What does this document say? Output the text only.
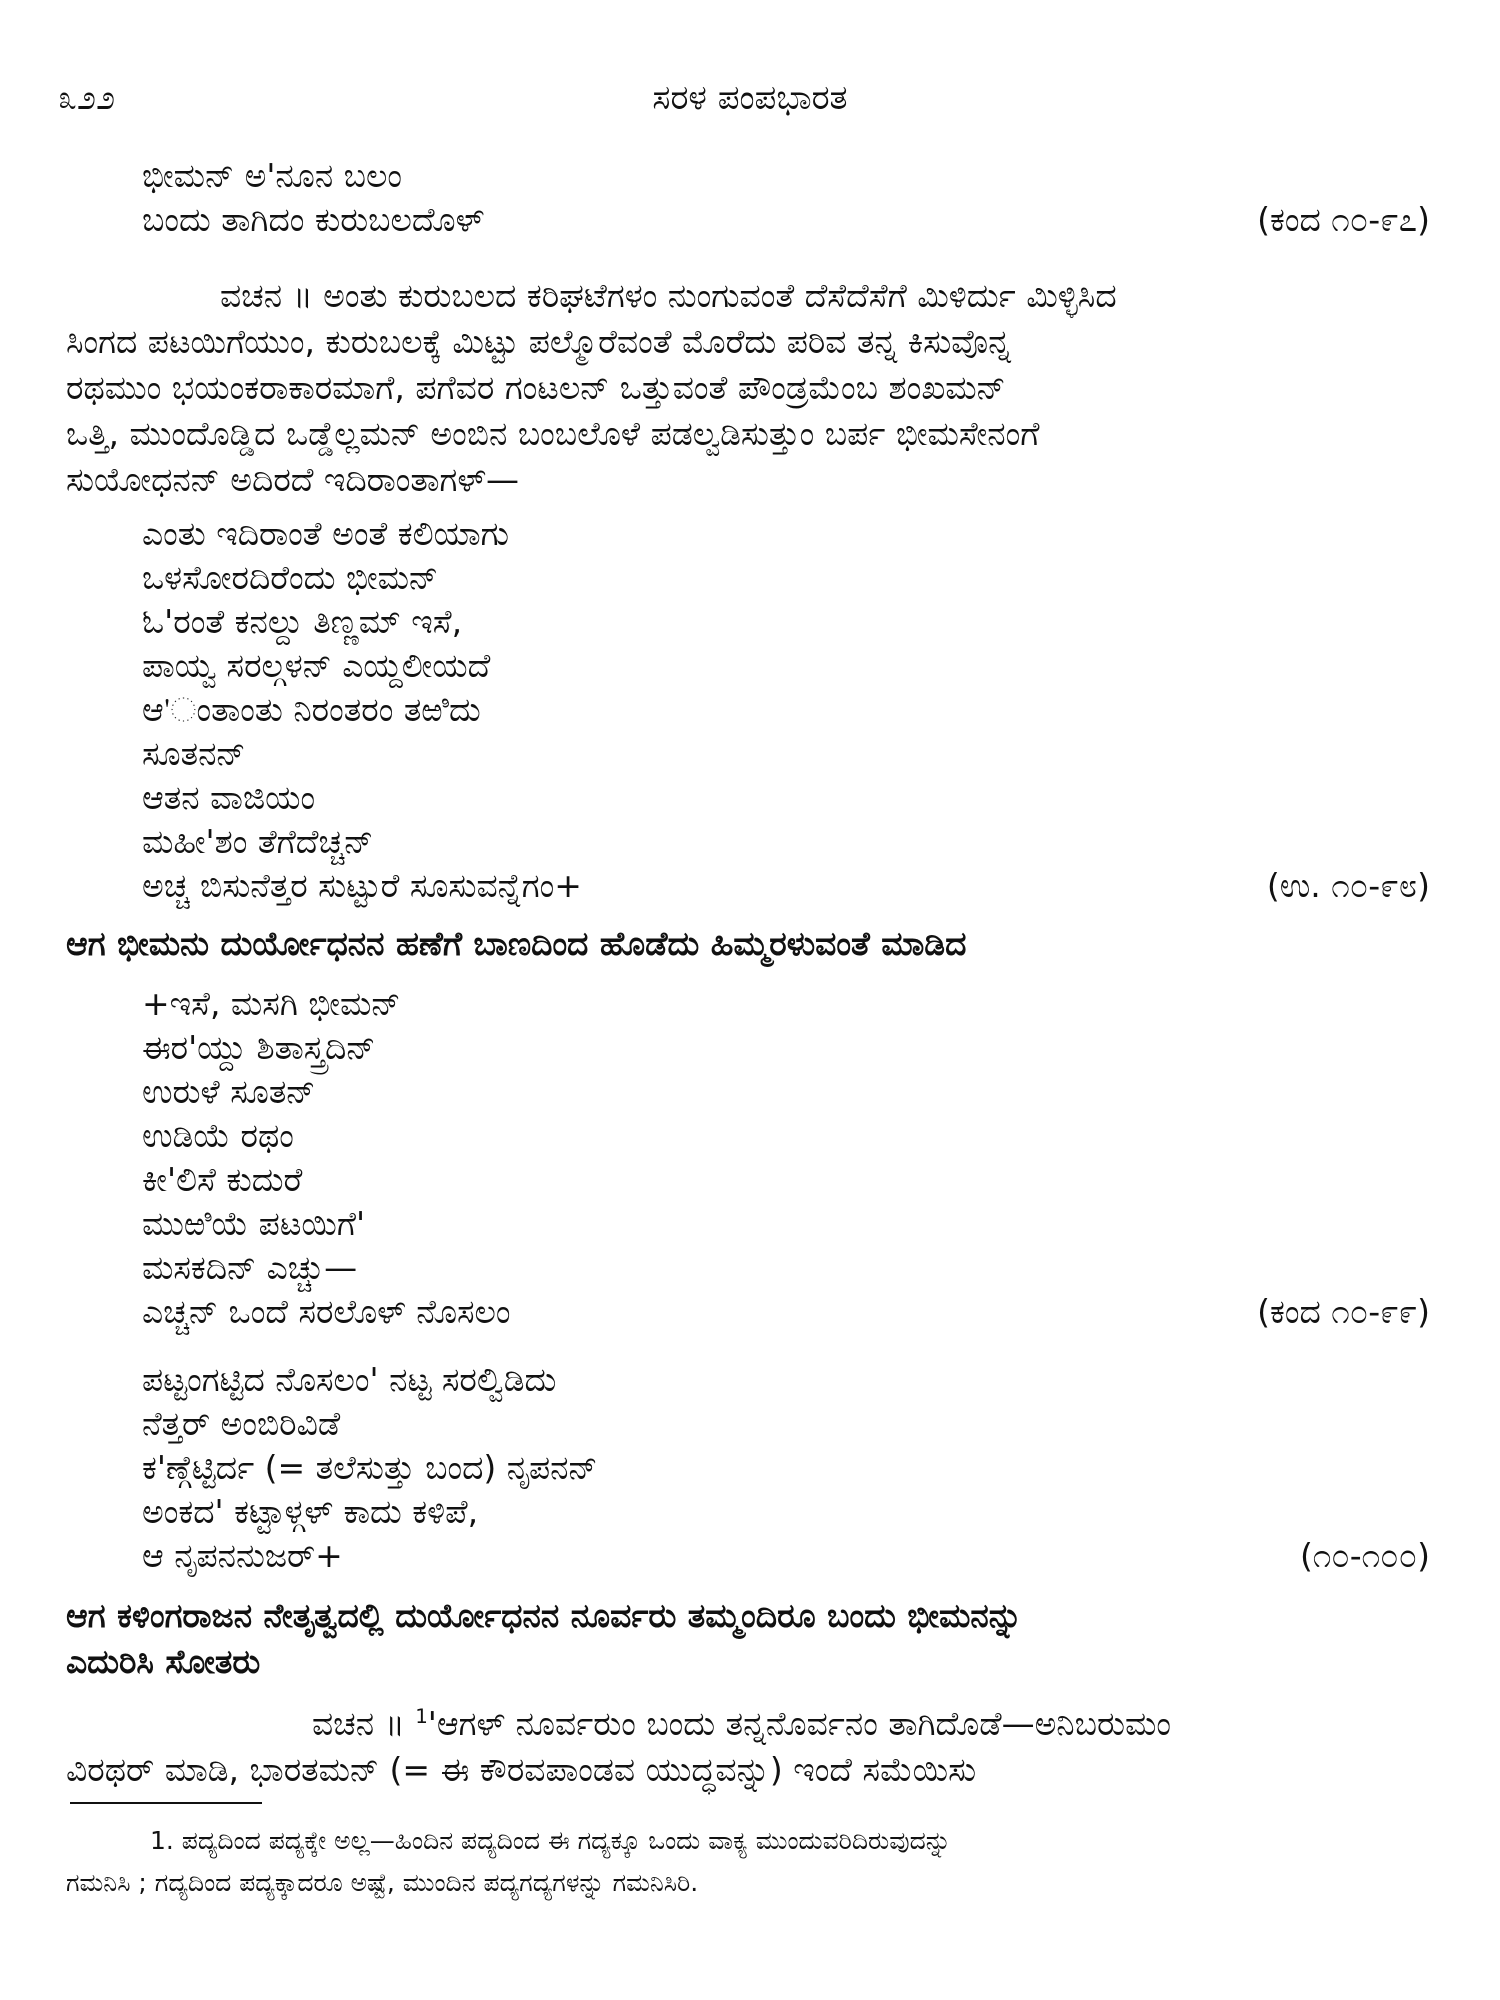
೩೨೨	ಸರಳ ಪಂಪಭಾರತ
ಭೀಮನ್ ಅ'ನೂನ ಬಲಂ
ಬಂದು ತಾಗಿದಂ ಕುರುಬಲದೊಳ್	(ಕಂದ ೧೦-೯೭)
ವಚನ ॥ ಅಂತು ಕುರುಬಲದ ಕರಿಘಟೆಗಳಂ ನುಂಗುವಂತೆ ದೆಸೆದೆಸೆಗೆ ಮಿಳಿರ್ದು ಮಿಳ್ಳಿಸಿದ
ಸಿಂಗದ ಪಟಯಿಗೆಯುಂ, ಕುರುಬಲಕ್ಕೆ ಮಿಟ್ಟು ಪಲ್ಮೊರೆವಂತೆ ಮೊರೆದು ಪರಿವ ತನ್ನ ಕಿಸುವೊನ್ನ
ರಥಮುಂ ಭಯಂಕರಾಕಾರಮಾಗೆ, ಪಗೆವರ ಗಂಟಲನ್ ಒತ್ತುವಂತೆ ಪೌಂಡ್ರಮೆಂಬ ಶಂಖಮನ್
ಒತ್ತಿ, ಮುಂದೊಡ್ಡಿದ ಒಡ್ಡೆಲ್ಲಮನ್ ಅಂಬಿನ ಬಂಬಲೊಳೆ ಪಡಲ್ವಡಿಸುತ್ತುಂ ಬರ್ಪ ಭೀಮಸೇನಂಗೆ
ಸುಯೋಧನನ್ ಅದಿರದೆ ಇದಿರಾಂತಾಗಳ್—
ಎಂತು ಇದಿರಾಂತೆ ಅಂತೆ ಕಲಿಯಾಗು
ಒಳಸೋರದಿರೆಂದು ಭೀಮನ್
ಓ'ರಂತೆ ಕನಲ್ದು ತಿಣ್ಣಮ್ ಇಸೆ,
ಪಾಯ್ವ ಸರಲ್ಗಳನ್ ಎಯ್ದಲೀಯದೆ
ಆ'ಂತಾಂತು ನಿರಂತರಂ ತಱಿದು
ಸೂತನನ್
ಆತನ ವಾಜಿಯಂ
ಮಹೀ'ಶಂ ತೆಗೆದೆಚ್ಚನ್
ಅಚ್ಚ ಬಿಸುನೆತ್ತರ ಸುಟ್ಟುರೆ ಸೂಸುವನ್ನೆಗಂ+	(ಉ. ೧೦-೯೮)
ಆಗ ಭೀಮನು ದುರ್ಯೋಧನನ ಹಣೆಗೆ ಬಾಣದಿಂದ ಹೊಡೆದು ಹಿಮ್ಮರಳುವಂತೆ ಮಾಡಿದ
+ಇಸೆ, ಮಸಗಿ ಭೀಮನ್
ಈರ'ಯ್ದು ಶಿತಾಸ್ತ್ರದಿನ್
ಉರುಳೆ ಸೂತನ್
ಉಡಿಯೆ ರಥಂ
ಕೀ'ಲಿಸೆ ಕುದುರೆ
ಮುಱಿಯೆ ಪಟಯಿಗೆ'
ಮಸಕದಿನ್ ಎಚ್ಚು—
ಎಚ್ಚನ್ ಒಂದೆ ಸರಲೊಳ್ ನೊಸಲಂ	(ಕಂದ ೧೦-೯೯)
ಪಟ್ಟಂಗಟ್ಟಿದ ನೊಸಲಂ' ನಟ್ಟ ಸರಲ್ವಿಡಿದು
ನೆತ್ತರ್ ಅಂಬಿರಿವಿಡೆ
ಕ'ಣ್ಗೆಟ್ಟಿರ್ದ (= ತಲೆಸುತ್ತು ಬಂದ) ನೃಪನನ್
ಅಂಕದ' ಕಟ್ಟಾಳ್ಗಳ್ ಕಾದು ಕಳಿಪೆ,
ಆ ನೃಪನನುಜರ್+	(೧೦-೧೦೦)
ಆಗ ಕಳಿಂಗರಾಜನ ನೇತೃತ್ವದಲ್ಲಿ ದುರ್ಯೋಧನನ ನೂರ್ವರು ತಮ್ಮಂದಿರೂ ಬಂದು ಭೀಮನನ್ನು
ಎದುರಿಸಿ ಸೋತರು
ವಚನ ॥ $^1$'ಆಗಳ್ ನೂರ್ವರುಂ ಬಂದು ತನ್ನನೊರ್ವನಂ ತಾಗಿದೊಡೆ—ಅನಿಬರುಮಂ
ವಿರಥರ್ ಮಾಡಿ, ಭಾರತಮನ್ (= ಈ ಕೌರವಪಾಂಡವ ಯುದ್ಧವನ್ನು) ಇಂದೆ ಸಮೆಯಿಸು
1. ಪದ್ಯದಿಂದ ಪದ್ಯಕ್ಕೇ ಅಲ್ಲ—ಹಿಂದಿನ ಪದ್ಯದಿಂದ ಈ ಗದ್ಯಕ್ಕೂ ಒಂದು ವಾಕ್ಯ ಮುಂದುವರಿದಿರುವುದನ್ನು
ಗಮನಿಸಿ ; ಗದ್ಯದಿಂದ ಪದ್ಯಕ್ಕಾದರೂ ಅಷ್ಟೆ, ಮುಂದಿನ ಪದ್ಯಗದ್ಯಗಳನ್ನು ಗಮನಿಸಿರಿ.
